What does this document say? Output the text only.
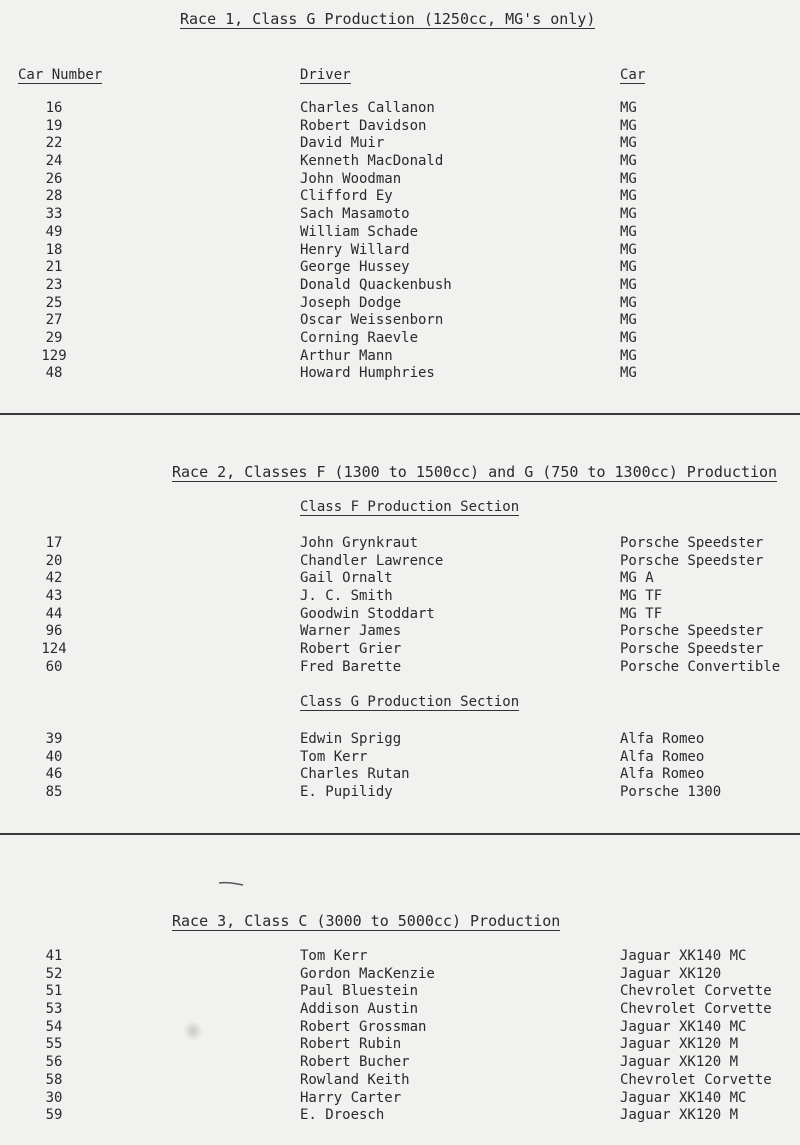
Race 1, Class G Production (1250cc, MG's only)
Car Number	Driver	Car
16	Charles Callanon	MG
19	Robert Davidson	MG
22	David Muir	MG
24	Kenneth MacDonald	MG
26	John Woodman	MG
28	Clifford Ey	MG
33	Sach Masamoto	MG
49	William Schade	MG
18	Henry Willard	MG
21	George Hussey	MG
23	Donald Quackenbush	MG
25	Joseph Dodge	MG
27	Oscar Weissenborn	MG
29	Corning Raevle	MG
129	Arthur Mann	MG
48	Howard Humphries	MG
Race 2, Classes F (1300 to 1500cc) and G (750 to 1300cc) Production
Class F Production Section
17	John Grynkraut	Porsche Speedster
20	Chandler Lawrence	Porsche Speedster
42	Gail Ornalt	MG A
43	J. C. Smith	MG TF
44	Goodwin Stoddart	MG TF
96	Warner James	Porsche Speedster
124	Robert Grier	Porsche Speedster
60	Fred Barette	Porsche Convertible
Class G Production Section
39	Edwin Sprigg	Alfa Romeo
40	Tom Kerr	Alfa Romeo
46	Charles Rutan	Alfa Romeo
85	E. Pupilidy	Porsche 1300
Race 3, Class C (3000 to 5000cc) Production
41	Tom Kerr	Jaguar XK140 MC
52	Gordon MacKenzie	Jaguar XK120
51	Paul Bluestein	Chevrolet Corvette
53	Addison Austin	Chevrolet Corvette
54	Robert Grossman	Jaguar XK140 MC
55	Robert Rubin	Jaguar XK120 M
56	Robert Bucher	Jaguar XK120 M
58	Rowland Keith	Chevrolet Corvette
30	Harry Carter	Jaguar XK140 MC
59	E. Droesch	Jaguar XK120 M
